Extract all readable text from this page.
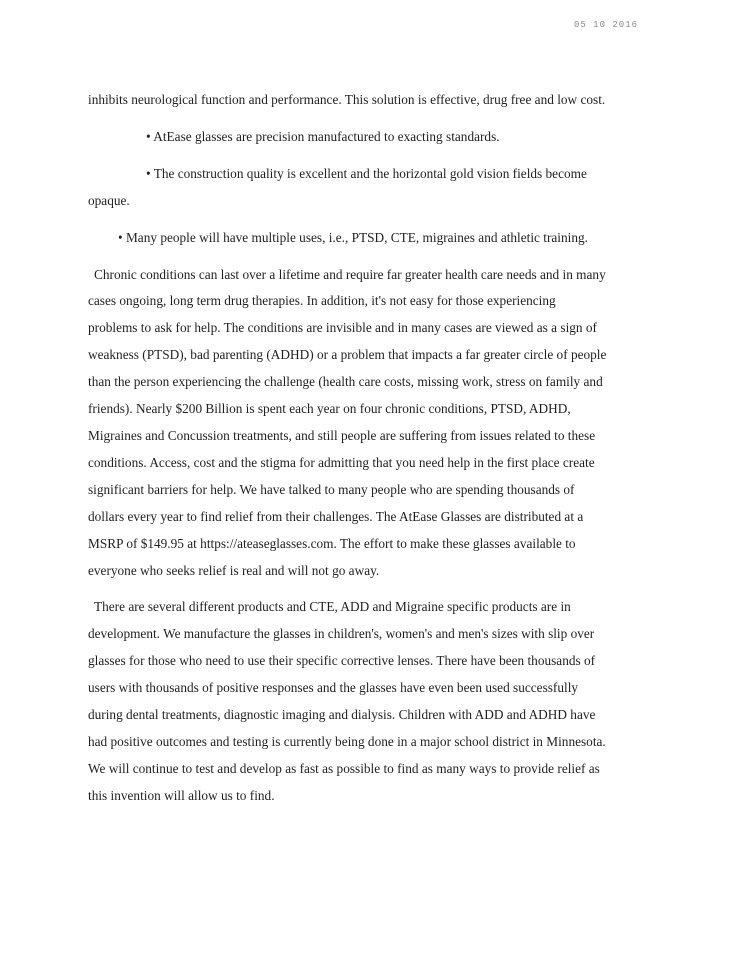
05 10 2016

inhibits neurological function and performance. This solution is effective, drug free and low cost.

• AtEase glasses are precision manufactured to exacting standards.

• The construction quality is excellent and the horizontal gold vision fields become opaque.

• Many people will have multiple uses, i.e., PTSD, CTE, migraines and athletic training.

Chronic conditions can last over a lifetime and require far greater health care needs and in many cases ongoing, long term drug therapies. In addition, it's not easy for those experiencing problems to ask for help. The conditions are invisible and in many cases are viewed as a sign of weakness (PTSD), bad parenting (ADHD) or a problem that impacts a far greater circle of people than the person experiencing the challenge (health care costs, missing work, stress on family and friends). Nearly $200 Billion is spent each year on four chronic conditions, PTSD, ADHD, Migraines and Concussion treatments, and still people are suffering from issues related to these conditions. Access, cost and the stigma for admitting that you need help in the first place create significant barriers for help. We have talked to many people who are spending thousands of dollars every year to find relief from their challenges. The AtEase Glasses are distributed at a MSRP of $149.95 at https://ateaseglasses.com. The effort to make these glasses available to everyone who seeks relief is real and will not go away.

There are several different products and CTE, ADD and Migraine specific products are in development. We manufacture the glasses in children's, women's and men's sizes with slip over glasses for those who need to use their specific corrective lenses. There have been thousands of users with thousands of positive responses and the glasses have even been used successfully during dental treatments, diagnostic imaging and dialysis. Children with ADD and ADHD have had positive outcomes and testing is currently being done in a major school district in Minnesota. We will continue to test and develop as fast as possible to find as many ways to provide relief as this invention will allow us to find.
